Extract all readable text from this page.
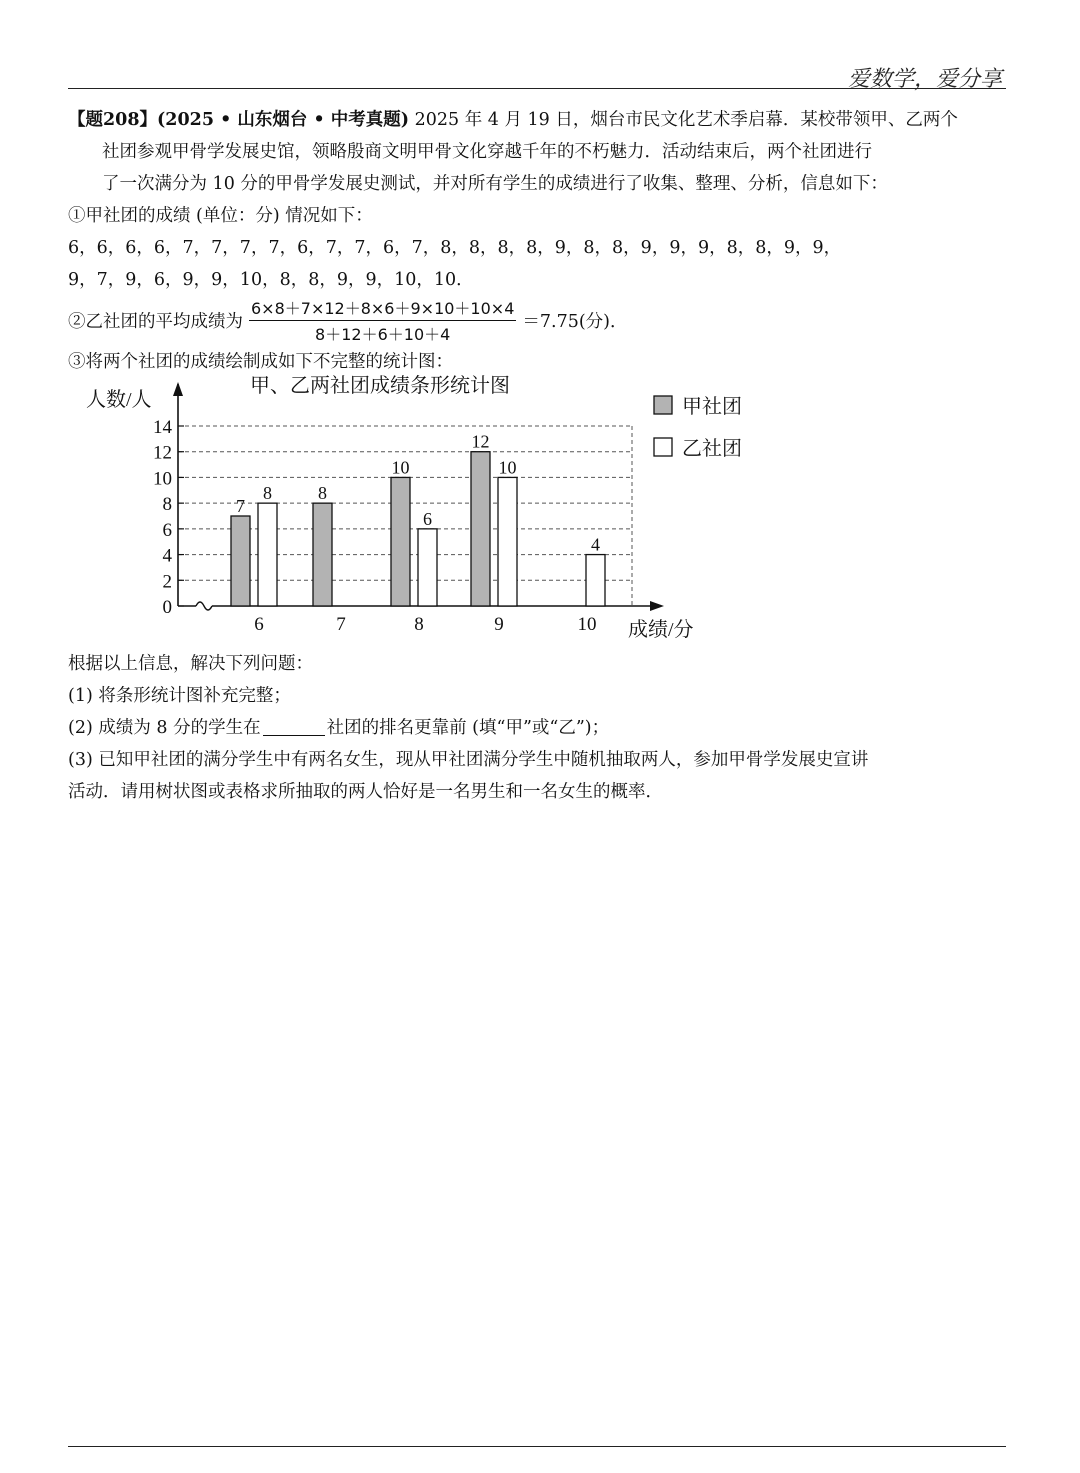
爱数学，爱分享
【题208】(2025 • 山东烟台 • 中考真题) 2025 年 4 月 19 日，烟台市民文化艺术季启幕．某校带领甲、乙两个
社团参观甲骨学发展史馆，领略殷商文明甲骨文化穿越千年的不朽魅力．活动结束后，两个社团进行
了一次满分为 10 分的甲骨学发展史测试，并对所有学生的成绩进行了收集、整理、分析，信息如下：
①甲社团的成绩 (单位：分) 情况如下：
6，6，6，6，7，7，7，7，6，7，7，6，7，8，8，8，8，9，8，8，9，9，9，8，8，9，9，
9，7，9，6，9，9，10，8，8，9，9，10，10．
②乙社团的平均成绩为 $\frac{6\times 8+7\times 12+8\times 6+9\times 10+10\times 4}{8+12+6+10+4} =7.75$(分)．
③将两个社团的成绩绘制成如下不完整的统计图：
甲、乙两社团成绩条形统计图
人数/人
0
2
4
6
8
10
12
14
成绩/分
6
7
8
7
8
8
10
6
9
12
10
10
4
甲社团
乙社团
根据以上信息，解决下列问题：
(1) 将条形统计图补充完整；
(2) 成绩为 8 分的学生在	社团的排名更靠前 (填“甲”或“乙”)；
(3) 已知甲社团的满分学生中有两名女生，现从甲社团满分学生中随机抽取两人，参加甲骨学发展史宣讲
活动．请用树状图或表格求所抽取的两人恰好是一名男生和一名女生的概率．
